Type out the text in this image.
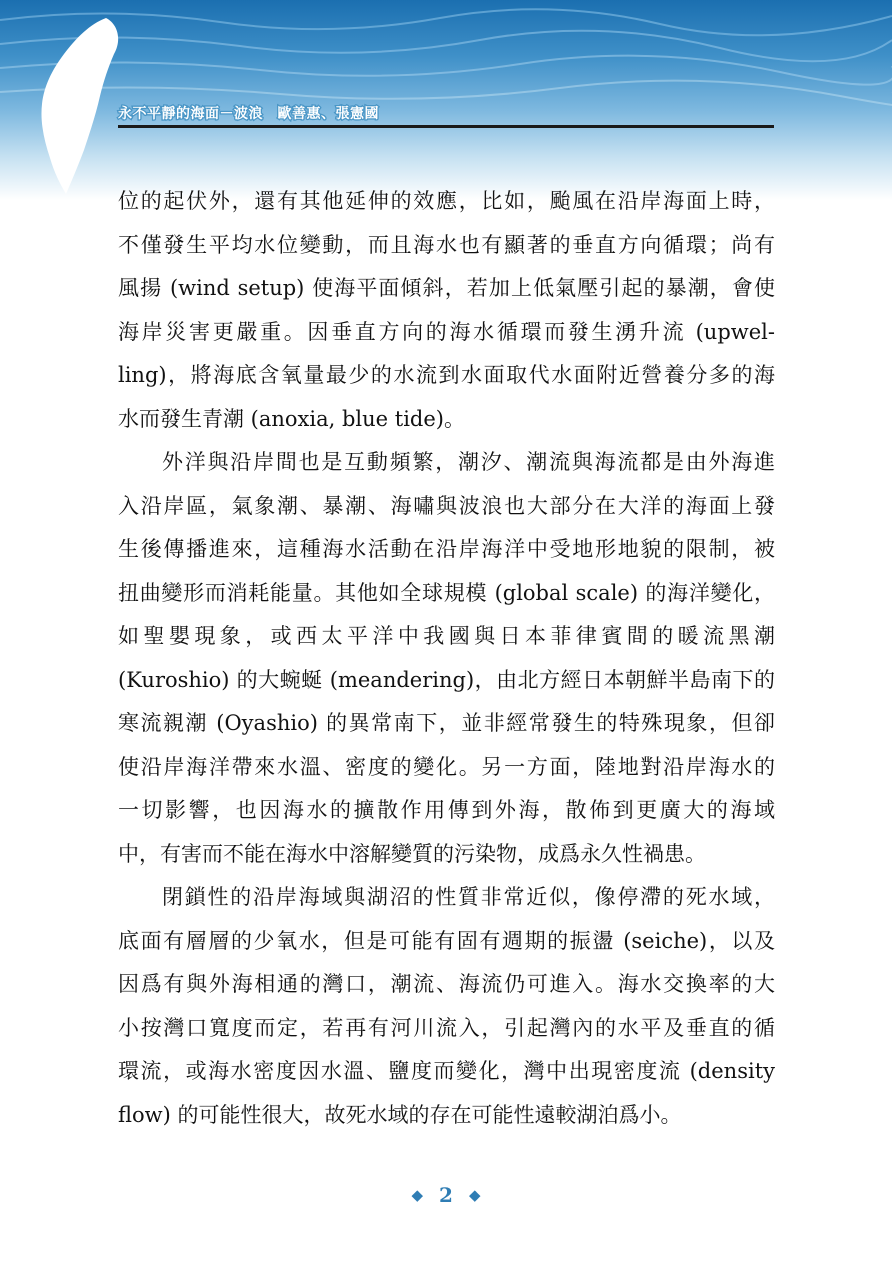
永不平靜的海面－波浪　歐善惠、張憲國
位的起伏外，還有其他延伸的效應，比如，颱風在沿岸海面上時，
不僅發生平均水位變動，而且海水也有顯著的垂直方向循環；尚有
風揚 (wind setup) 使海平面傾斜，若加上低氣壓引起的暴潮，會使
海岸災害更嚴重。因垂直方向的海水循環而發生湧升流 (upwel-
ling)，將海底含氧量最少的水流到水面取代水面附近營養分多的海
水而發生青潮 (anoxia, blue tide)。
外洋與沿岸間也是互動頻繁，潮汐、潮流與海流都是由外海進
入沿岸區，氣象潮、暴潮、海嘯與波浪也大部分在大洋的海面上發
生後傳播進來，這種海水活動在沿岸海洋中受地形地貌的限制，被
扭曲變形而消耗能量。其他如全球規模 (global scale) 的海洋變化，
如聖嬰現象，或西太平洋中我國與日本菲律賓間的暖流黑潮
(Kuroshio) 的大蜿蜒 (meandering)，由北方經日本朝鮮半島南下的
寒流親潮 (Oyashio) 的異常南下，並非經常發生的特殊現象，但卻
使沿岸海洋帶來水溫、密度的變化。另一方面，陸地對沿岸海水的
一切影響，也因海水的擴散作用傳到外海，散佈到更廣大的海域
中，有害而不能在海水中溶解變質的污染物，成爲永久性禍患。
閉鎖性的沿岸海域與湖沼的性質非常近似，像停滯的死水域，
底面有層層的少氧水，但是可能有固有週期的振盪 (seiche)，以及
因爲有與外海相通的灣口，潮流、海流仍可進入。海水交換率的大
小按灣口寬度而定，若再有河川流入，引起灣內的水平及垂直的循
環流，或海水密度因水溫、鹽度而變化，灣中出現密度流 (density
flow) 的可能性很大，故死水域的存在可能性遠較湖泊爲小。
◆ 2 ◆
